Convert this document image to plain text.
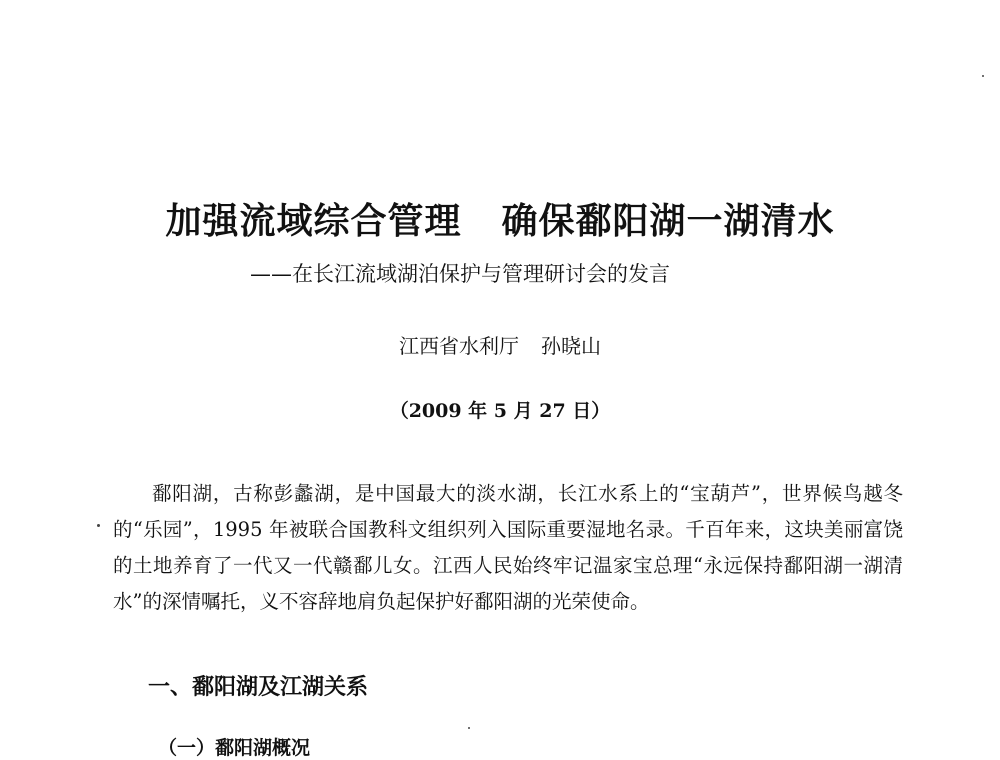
加强流域综合管理 确保鄱阳湖一湖清水
——在长江流域湖泊保护与管理研讨会的发言
江西省水利厅 孙晓山
（2009 年 5 月 27 日）
鄱阳湖，古称彭蠡湖，是中国最大的淡水湖，长江水系上的“宝葫芦”，世界候鸟越冬的“乐园”，1995 年被联合国教科文组织列入国际重要湿地名录。千百年来，这块美丽富饶的土地养育了一代又一代赣鄱儿女。江西人民始终牢记温家宝总理“永远保持鄱阳湖一湖清水”的深情嘱托，义不容辞地肩负起保护好鄱阳湖的光荣使命。
一、鄱阳湖及江湖关系
（一）鄱阳湖概况
